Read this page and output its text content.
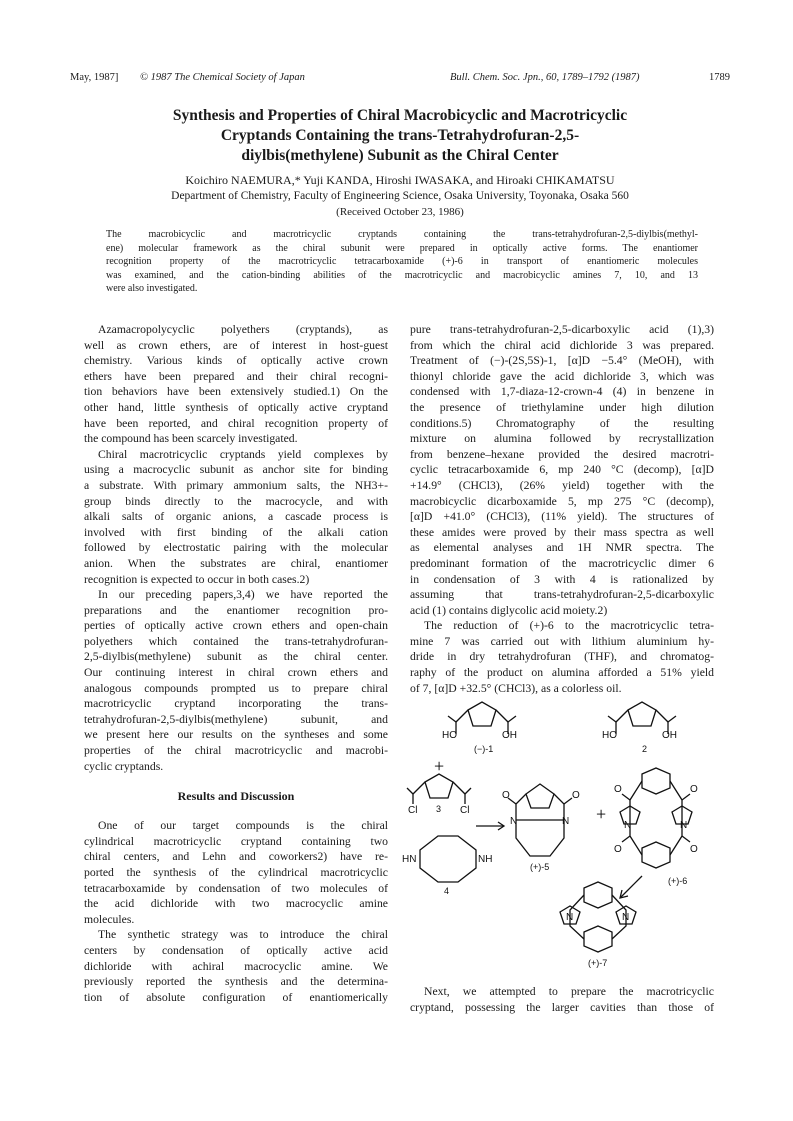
May, 1987] © 1987 The Chemical Society of Japan	Bull. Chem. Soc. Jpn., 60, 1789–1792 (1987)	1789
Synthesis and Properties of Chiral Macrobicyclic and Macrotricyclic
Cryptands Containing the trans-Tetrahydrofuran-2,5-
diylbis(methylene) Subunit as the Chiral Center
Koichiro NAEMURA,* Yuji KANDA, Hiroshi IWASAKA, and Hiroaki CHIKAMATSU
Department of Chemistry, Faculty of Engineering Science, Osaka University, Toyonaka, Osaka 560
(Received October 23, 1986)
The macrobicyclic and macrotricyclic cryptands containing the trans-tetrahydrofuran-2,5-diylbis(methyl-
ene) molecular framework as the chiral subunit were prepared in optically active forms. The enantiomer
recognition property of the macrotricyclic tetracarboxamide (+)-6 in transport of enantiomeric molecules
was examined, and the cation-binding abilities of the macrotricyclic and macrobicyclic amines 7, 10, and 13
were also investigated.
Azamacropolycyclic polyethers (cryptands), as
well as crown ethers, are of interest in host-guest
chemistry. Various kinds of optically active crown
ethers have been prepared and their chiral recogni-
tion behaviors have been extensively studied.1) On the
other hand, little synthesis of optically active cryptand
have been reported, and chiral recognition property of
the compound has been scarcely investigated.
Chiral macrotricyclic cryptands yield complexes by
using a macrocyclic subunit as anchor site for binding
a substrate. With primary ammonium salts, the NH3+-
group binds directly to the macrocycle, and with
alkali salts of organic anions, a cascade process is
involved with first binding of the alkali cation
followed by electrostatic pairing with the molecular
anion. When the substrates are chiral, enantiomer
recognition is expected to occur in both cases.2)
In our preceding papers,3,4) we have reported the
preparations and the enantiomer recognition pro-
perties of optically active crown ethers and open-chain
polyethers which contained the trans-tetrahydrofuran-
2,5-diylbis(methylene) subunit as the chiral center.
Our continuing interest in chiral crown ethers and
analogous compounds prompted us to prepare chiral
macrotricyclic cryptand incorporating the trans-
tetrahydrofuran-2,5-diylbis(methylene) subunit, and
we present here our results on the syntheses and some
properties of the chiral macrotricyclic and macrobi-
cyclic cryptands.
Results and Discussion
One of our target compounds is the chiral
cylindrical macrotricyclic cryptand containing two
chiral centers, and Lehn and coworkers2) have re-
ported the synthesis of the cylindrical macrotricyclic
tetracarboxamide by condensation of two molecules of
the acid dichloride with two macrocyclic amine
molecules.
The synthetic strategy was to introduce the chiral
centers by condensation of optically active acid
dichloride with achiral macrocyclic amine. We
previously reported the synthesis and the determina-
tion of absolute configuration of enantiomerically
pure trans-tetrahydrofuran-2,5-dicarboxylic acid (1),3)
from which the chiral acid dichloride 3 was prepared.
Treatment of (−)-(2S,5S)-1, [α]D −5.4° (MeOH), with
thionyl chloride gave the acid dichloride 3, which was
condensed with 1,7-diaza-12-crown-4 (4) in benzene in
the presence of triethylamine under high dilution
conditions.5) Chromatography of the resulting
mixture on alumina followed by recrystallization
from benzene–hexane provided the desired macrotri-
cyclic tetracarboxamide 6, mp 240 °C (decomp), [α]D
+14.9° (CHCl3), (26% yield) together with the
macrobicyclic dicarboxamide 5, mp 275 °C (decomp),
[α]D +41.0° (CHCl3), (11% yield). The structures of
these amides were proved by their mass spectra as well
as elemental analyses and 1H NMR spectra. The
predominant formation of the macrotricyclic dimer 6
in condensation of 3 with 4 is rationalized by
assuming that trans-tetrahydrofuran-2,5-dicarboxylic
acid (1) contains diglycolic acid moiety.2)
The reduction of (+)-6 to the macrotricyclic tetra-
mine 7 was carried out with lithium aluminium hy-
dride in dry tetrahydrofuran (THF), and chromatog-
raphy of the product on alumina afforded a 51% yield
of 7, [α]D +32.5° (CHCl3), as a colorless oil.
HO	OH	HO	OH
Cl	Cl
HN	NH
N	N
O	O
N	N
O	O
O	O
N	N
+
+
(−)-1	2
3
4
(+)-5
(+)-6
(+)-7
Next, we attempted to prepare the macrotricyclic
cryptand, possessing the larger cavities than those of
